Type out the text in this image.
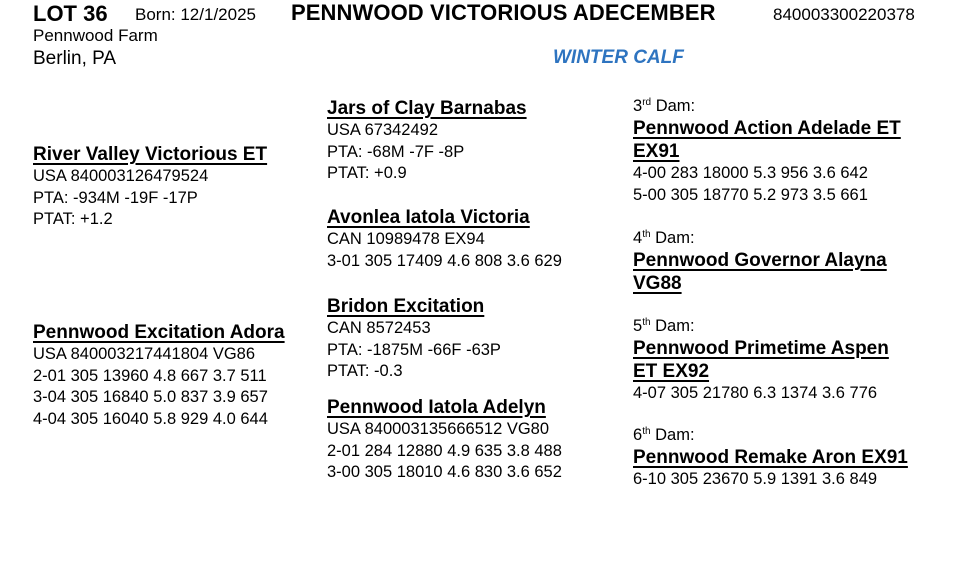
LOT 36 Born: 12/1/2025 PENNWOOD VICTORIOUS ADECEMBER	840003300220378
Pennwood Farm
Berlin, PA	WINTER CALF
River Valley Victorious ET
USA 840003126479524
PTA: -934M -19F -17P
PTAT: +1.2
Pennwood Excitation Adora
USA 840003217441804 VG86
2-01 305 13960 4.8 667 3.7 511
3-04 305 16840 5.0 837 3.9 657
4-04 305 16040 5.8 929 4.0 644
Jars of Clay Barnabas
USA 67342492
PTA: -68M -7F -8P
PTAT: +0.9
Avonlea Iatola Victoria
CAN 10989478 EX94
3-01 305 17409 4.6 808 3.6 629
Bridon Excitation
CAN 8572453
PTA: -1875M -66F -63P
PTAT: -0.3
Pennwood Iatola Adelyn
USA 840003135666512 VG80
2-01 284 12880 4.9 635 3.8 488
3-00 305 18010 4.6 830 3.6 652
3rd Dam:
Pennwood Action Adelade ET
EX91
4-00 283 18000 5.3 956 3.6 642
5-00 305 18770 5.2 973 3.5 661
4th Dam:
Pennwood Governor Alayna
VG88
5th Dam:
Pennwood Primetime Aspen
ET EX92
4-07 305 21780 6.3 1374 3.6 776
6th Dam:
Pennwood Remake Aron EX91
6-10 305 23670 5.9 1391 3.6 849
